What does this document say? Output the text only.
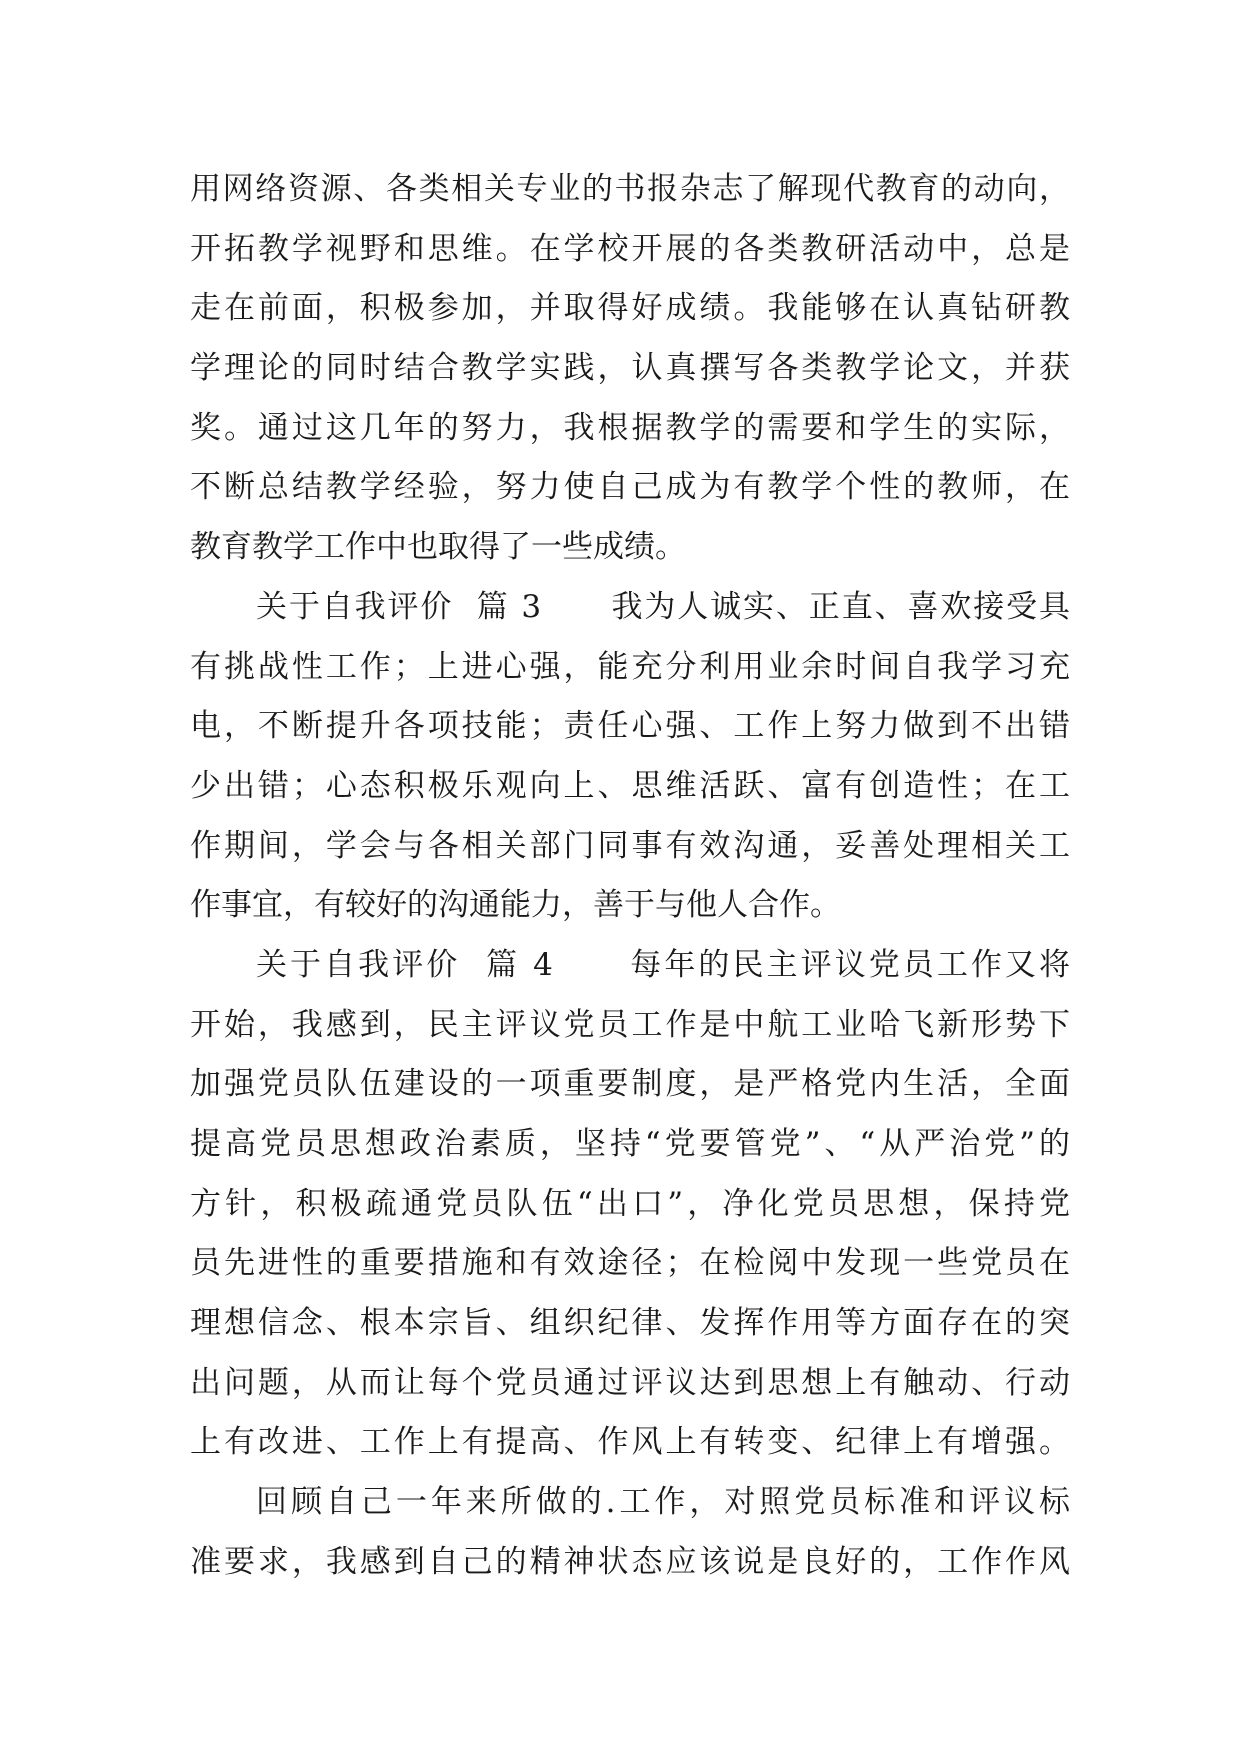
用网络资源、各类相关专业的书报杂志了解现代教育的动向，
开拓教学视野和思维。在学校开展的各类教研活动中，总是
走在前面，积极参加，并取得好成绩。我能够在认真钻研教
学理论的同时结合教学实践，认真撰写各类教学论文，并获
奖。通过这几年的努力，我根据教学的需要和学生的实际，
不断总结教学经验，努力使自己成为有教学个性的教师，在
教育教学工作中也取得了一些成绩。
关于自我评价  篇 3      我为人诚实、正直、喜欢接受具
有挑战性工作；上进心强，能充分利用业余时间自我学习充
电，不断提升各项技能；责任心强、工作上努力做到不出错
少出错；心态积极乐观向上、思维活跃、富有创造性；在工
作期间，学会与各相关部门同事有效沟通，妥善处理相关工
作事宜，有较好的沟通能力，善于与他人合作。
关于自我评价  篇 4      每年的民主评议党员工作又将
开始，我感到，民主评议党员工作是中航工业哈飞新形势下
加强党员队伍建设的一项重要制度，是严格党内生活，全面
提高党员思想政治素质，坚持“党要管党”、“从严治党”的
方针，积极疏通党员队伍“出口”，净化党员思想，保持党
员先进性的重要措施和有效途径；在检阅中发现一些党员在
理想信念、根本宗旨、组织纪律、发挥作用等方面存在的突
出问题，从而让每个党员通过评议达到思想上有触动、行动
上有改进、工作上有提高、作风上有转变、纪律上有增强。
回顾自己一年来所做的.工作，对照党员标准和评议标
准要求，我感到自己的精神状态应该说是良好的，工作作风
